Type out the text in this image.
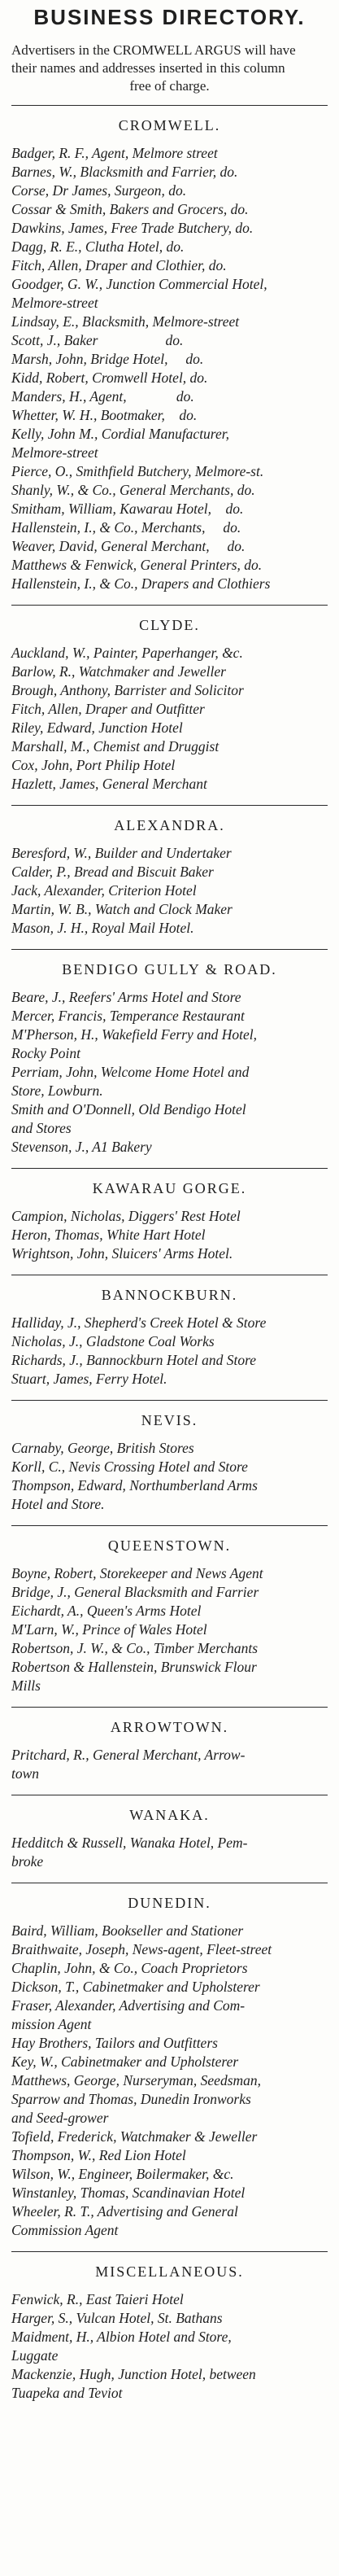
BUSINESS DIRECTORY.
Advertisers in the CROMWELL ARGUS will have
their names and addresses inserted in this column
free of charge.
CROMWELL.
Badger, R. F., Agent, Melmore street
Barnes, W., Blacksmith and Farrier, do.
Corse, Dr James, Surgeon, do.
Cossar & Smith, Bakers and Grocers, do.
Dawkins, James, Free Trade Butchery, do.
Dagg, R. E., Clutha Hotel, do.
Fitch, Allen, Draper and Clothier, do.
Goodger, G. W., Junction Commercial Hotel,
Melmore-street
Lindsay, E., Blacksmith, Melmore-street
Scott, J., Baker                   do.
Marsh, John, Bridge Hotel,     do.
Kidd, Robert, Cromwell Hotel, do.
Manders, H., Agent,              do.
Whetter, W. H., Bootmaker,    do.
Kelly, John M., Cordial Manufacturer,
Melmore-street
Pierce, O., Smithfield Butchery, Melmore-st.
Shanly, W., & Co., General Merchants, do.
Smitham, William, Kawarau Hotel,    do.
Hallenstein, I., & Co., Merchants,     do.
Weaver, David, General Merchant,     do.
Matthews & Fenwick, General Printers, do.
Hallenstein, I., & Co., Drapers and Clothiers
CLYDE.
Auckland, W., Painter, Paperhanger, &c.
Barlow, R., Watchmaker and Jeweller
Brough, Anthony, Barrister and Solicitor
Fitch, Allen, Draper and Outfitter
Riley, Edward, Junction Hotel
Marshall, M., Chemist and Druggist
Cox, John, Port Philip Hotel
Hazlett, James, General Merchant
ALEXANDRA.
Beresford, W., Builder and Undertaker
Calder, P., Bread and Biscuit Baker
Jack, Alexander, Criterion Hotel
Martin, W. B., Watch and Clock Maker
Mason, J. H., Royal Mail Hotel.
BENDIGO GULLY & ROAD.
Beare, J., Reefers' Arms Hotel and Store
Mercer, Francis, Temperance Restaurant
M'Pherson, H., Wakefield Ferry and Hotel,
Rocky Point
Perriam, John, Welcome Home Hotel and
Store, Lowburn.
Smith and O'Donnell, Old Bendigo Hotel
and Stores
Stevenson, J., A1 Bakery
KAWARAU GORGE.
Campion, Nicholas, Diggers' Rest Hotel
Heron, Thomas, White Hart Hotel
Wrightson, John, Sluicers' Arms Hotel.
BANNOCKBURN.
Halliday, J., Shepherd's Creek Hotel & Store
Nicholas, J., Gladstone Coal Works
Richards, J., Bannockburn Hotel and Store
Stuart, James, Ferry Hotel.
NEVIS.
Carnaby, George, British Stores
Korll, C., Nevis Crossing Hotel and Store
Thompson, Edward, Northumberland Arms
Hotel and Store.
QUEENSTOWN.
Boyne, Robert, Storekeeper and News Agent
Bridge, J., General Blacksmith and Farrier
Eichardt, A., Queen's Arms Hotel
M'Larn, W., Prince of Wales Hotel
Robertson, J. W., & Co., Timber Merchants
Robertson & Hallenstein, Brunswick Flour
Mills
ARROWTOWN.
Pritchard, R., General Merchant, Arrow-
town
WANAKA.
Hedditch & Russell, Wanaka Hotel, Pem-
broke
DUNEDIN.
Baird, William, Bookseller and Stationer
Braithwaite, Joseph, News-agent, Fleet-street
Chaplin, John, & Co., Coach Proprietors
Dickson, T., Cabinetmaker and Upholsterer
Fraser, Alexander, Advertising and Com-
mission Agent
Hay Brothers, Tailors and Outfitters
Key, W., Cabinetmaker and Upholsterer
Matthews, George, Nurseryman, Seedsman,
Sparrow and Thomas, Dunedin Ironworks
and Seed-grower
Tofield, Frederick, Watchmaker & Jeweller
Thompson, W., Red Lion Hotel
Wilson, W., Engineer, Boilermaker, &c.
Winstanley, Thomas, Scandinavian Hotel
Wheeler, R. T., Advertising and General
Commission Agent
MISCELLANEOUS.
Fenwick, R., East Taieri Hotel
Harger, S., Vulcan Hotel, St. Bathans
Maidment, H., Albion Hotel and Store,
Luggate
Mackenzie, Hugh, Junction Hotel, between
Tuapeka and Teviot
